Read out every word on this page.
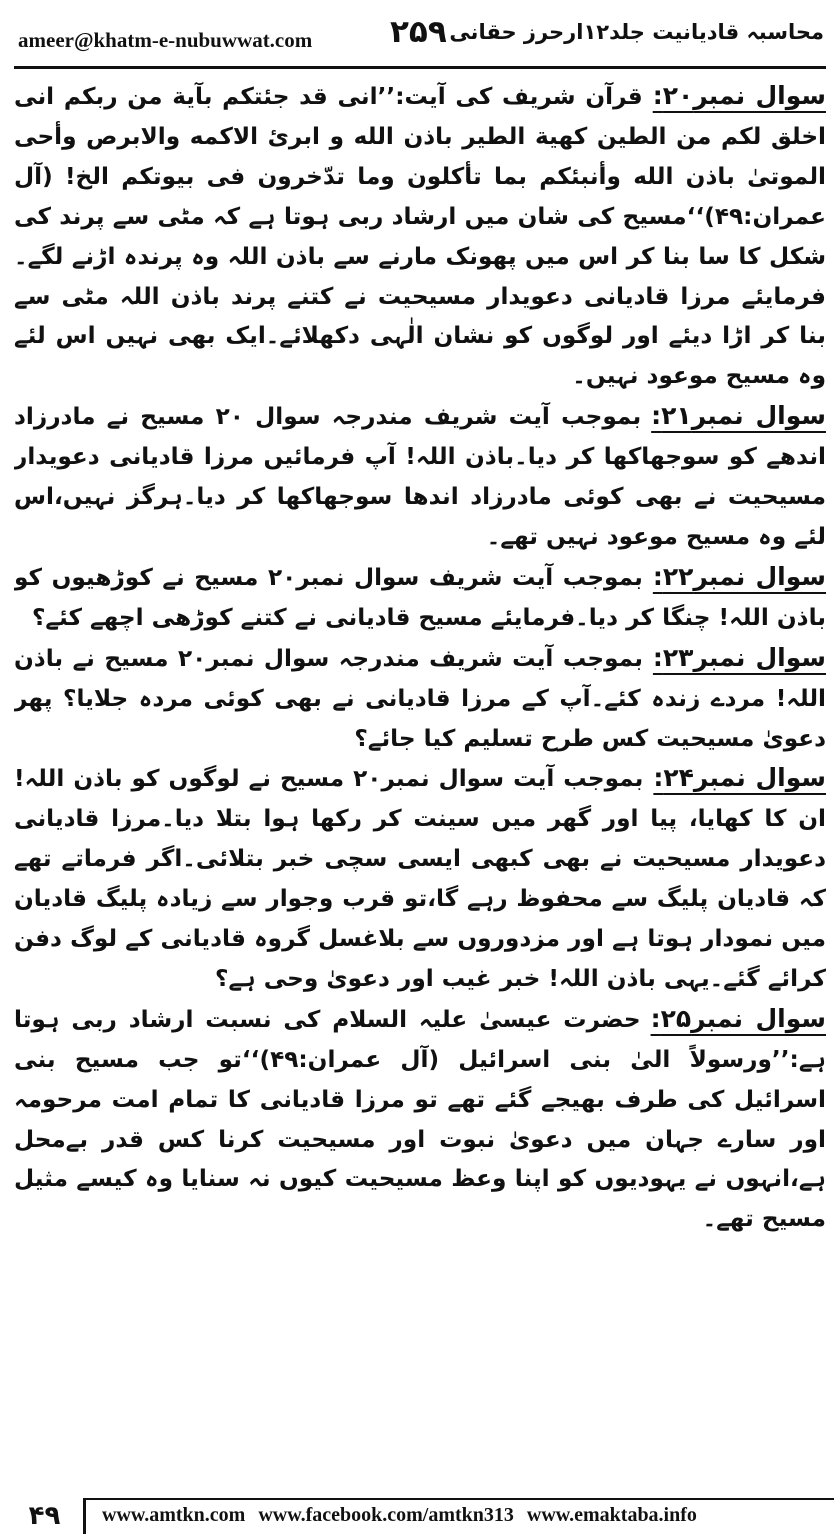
ameer@khatm-e-nubuwwat.com	۲۵۹ محاسبہ قادیانیت جلد۱۲ارحرز حقانی

سوال نمبر۲۰:قرآن شریف کی آیت:’’انی قد جئتکم بآیة من ربکم انی اخلق لکم من الطین کھیة الطیر باذن الله و ابرئ الاکمه والابرص وأحی الموتیٰ باذن الله وأنبئکم بما تأکلون وما تدّخرون فی بیوتکم الخ! (آل عمران:۴۹)‘‘مسیح کی شان میں ارشاد ربی ہوتا ہے کہ مٹی سے پرند کی شکل کا سا بنا کر اس میں پھونک مارنے سے باذن اللہ وہ پرندہ اڑنے لگے۔فرمایئے مرزا قادیانی دعویدار مسیحیت نے کتنے پرند باذن اللہ مٹی سے بنا کر اڑا دیئے اور لوگوں کو نشان الٰہی دکھلائے۔ایک بھی نہیں اس لئے وہ مسیح موعود نہیں۔

سوال نمبر۲۱:بموجب آیت شریف مندرجہ سوال ۲۰ مسیح نے مادرزاد اندھے کو سوجھاکھا کر دیا۔باذن اللہ! آپ فرمائیں مرزا قادیانی دعویدار مسیحیت نے بھی کوئی مادرزاد اندھا سوجھاکھا کر دیا۔ہرگز نہیں،اس لئے وہ مسیح موعود نہیں تھے۔

سوال نمبر۲۲:بموجب آیت شریف سوال نمبر۲۰ مسیح نے کوڑھیوں کو باذن اللہ! چنگا کر دیا۔فرمایئے مسیح قادیانی نے کتنے کوڑھی اچھے کئے؟

سوال نمبر۲۳:بموجب آیت شریف مندرجہ سوال نمبر۲۰ مسیح نے باذن اللہ! مردے زندہ کئے۔آپ کے مرزا قادیانی نے بھی کوئی مردہ جلایا؟ پھر دعویٰ مسیحیت کس طرح تسلیم کیا جائے؟

سوال نمبر۲۴:بموجب آیت سوال نمبر۲۰ مسیح نے لوگوں کو باذن اللہ! ان کا کھایا، پیا اور گھر میں سینت کر رکھا ہوا بتلا دیا۔مرزا قادیانی دعویدار مسیحیت نے بھی کبھی ایسی سچی خبر بتلائی۔اگر فرماتے تھے کہ قادیان پلیگ سے محفوظ رہے گا،تو قرب وجوار سے زیادہ پلیگ قادیان میں نمودار ہوتا ہے اور مزدوروں سے بلاغسل گروہ قادیانی کے لوگ دفن کرائے گئے۔یہی باذن اللہ! خبر غیب اور دعویٰ وحی ہے؟

سوال نمبر۲۵:حضرت عیسیٰ علیہ السلام کی نسبت ارشاد ربی ہوتا ہے:’’ورسولاً الیٰ بنی اسرائیل (آل عمران:۴۹)‘‘تو جب مسیح بنی اسرائیل کی طرف بھیجے گئے تھے تو مرزا قادیانی کا تمام امت مرحومہ اور سارے جہان میں دعویٰ نبوت اور مسیحیت کرنا کس قدر بےمحل ہے،انہوں نے یہودیوں کو اپنا وعظ مسیحیت کیوں نہ سنایا وہ کیسے مثیل مسیح تھے۔

۴۹	www.amtkn.com www.facebook.com/amtkn313 www.emaktaba.info
